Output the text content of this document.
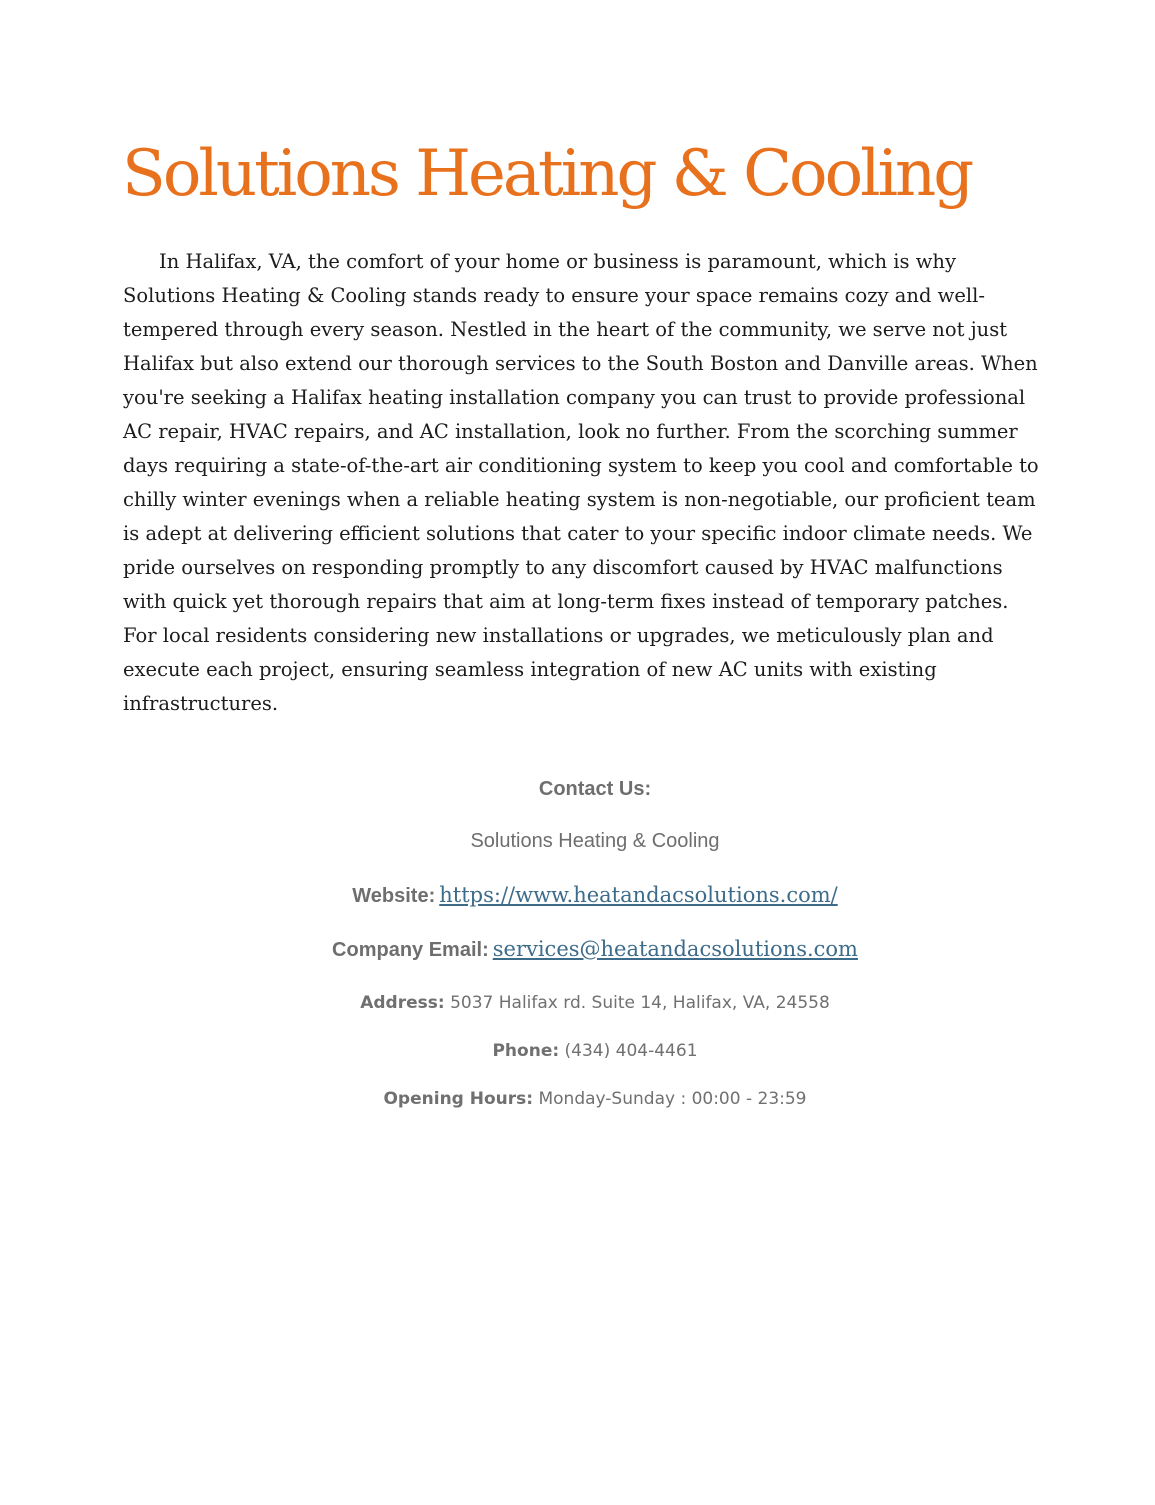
Solutions Heating & Cooling

In Halifax, VA, the comfort of your home or business is paramount, which is why Solutions Heating & Cooling stands ready to ensure your space remains cozy and well-tempered through every season. Nestled in the heart of the community, we serve not just Halifax but also extend our thorough services to the South Boston and Danville areas. When you're seeking a Halifax heating installation company you can trust to provide professional AC repair, HVAC repairs, and AC installation, look no further. From the scorching summer days requiring a state-of-the-art air conditioning system to keep you cool and comfortable to chilly winter evenings when a reliable heating system is non-negotiable, our proficient team is adept at delivering efficient solutions that cater to your specific indoor climate needs. We pride ourselves on responding promptly to any discomfort caused by HVAC malfunctions with quick yet thorough repairs that aim at long-term fixes instead of temporary patches. For local residents considering new installations or upgrades, we meticulously plan and execute each project, ensuring seamless integration of new AC units with existing infrastructures.

Contact Us:

Solutions Heating & Cooling

Website: https://www.heatandacsolutions.com/

Company Email: services@heatandacsolutions.com

Address: 5037 Halifax rd. Suite 14, Halifax, VA, 24558

Phone: (434) 404-4461

Opening Hours: Monday-Sunday : 00:00 - 23:59
